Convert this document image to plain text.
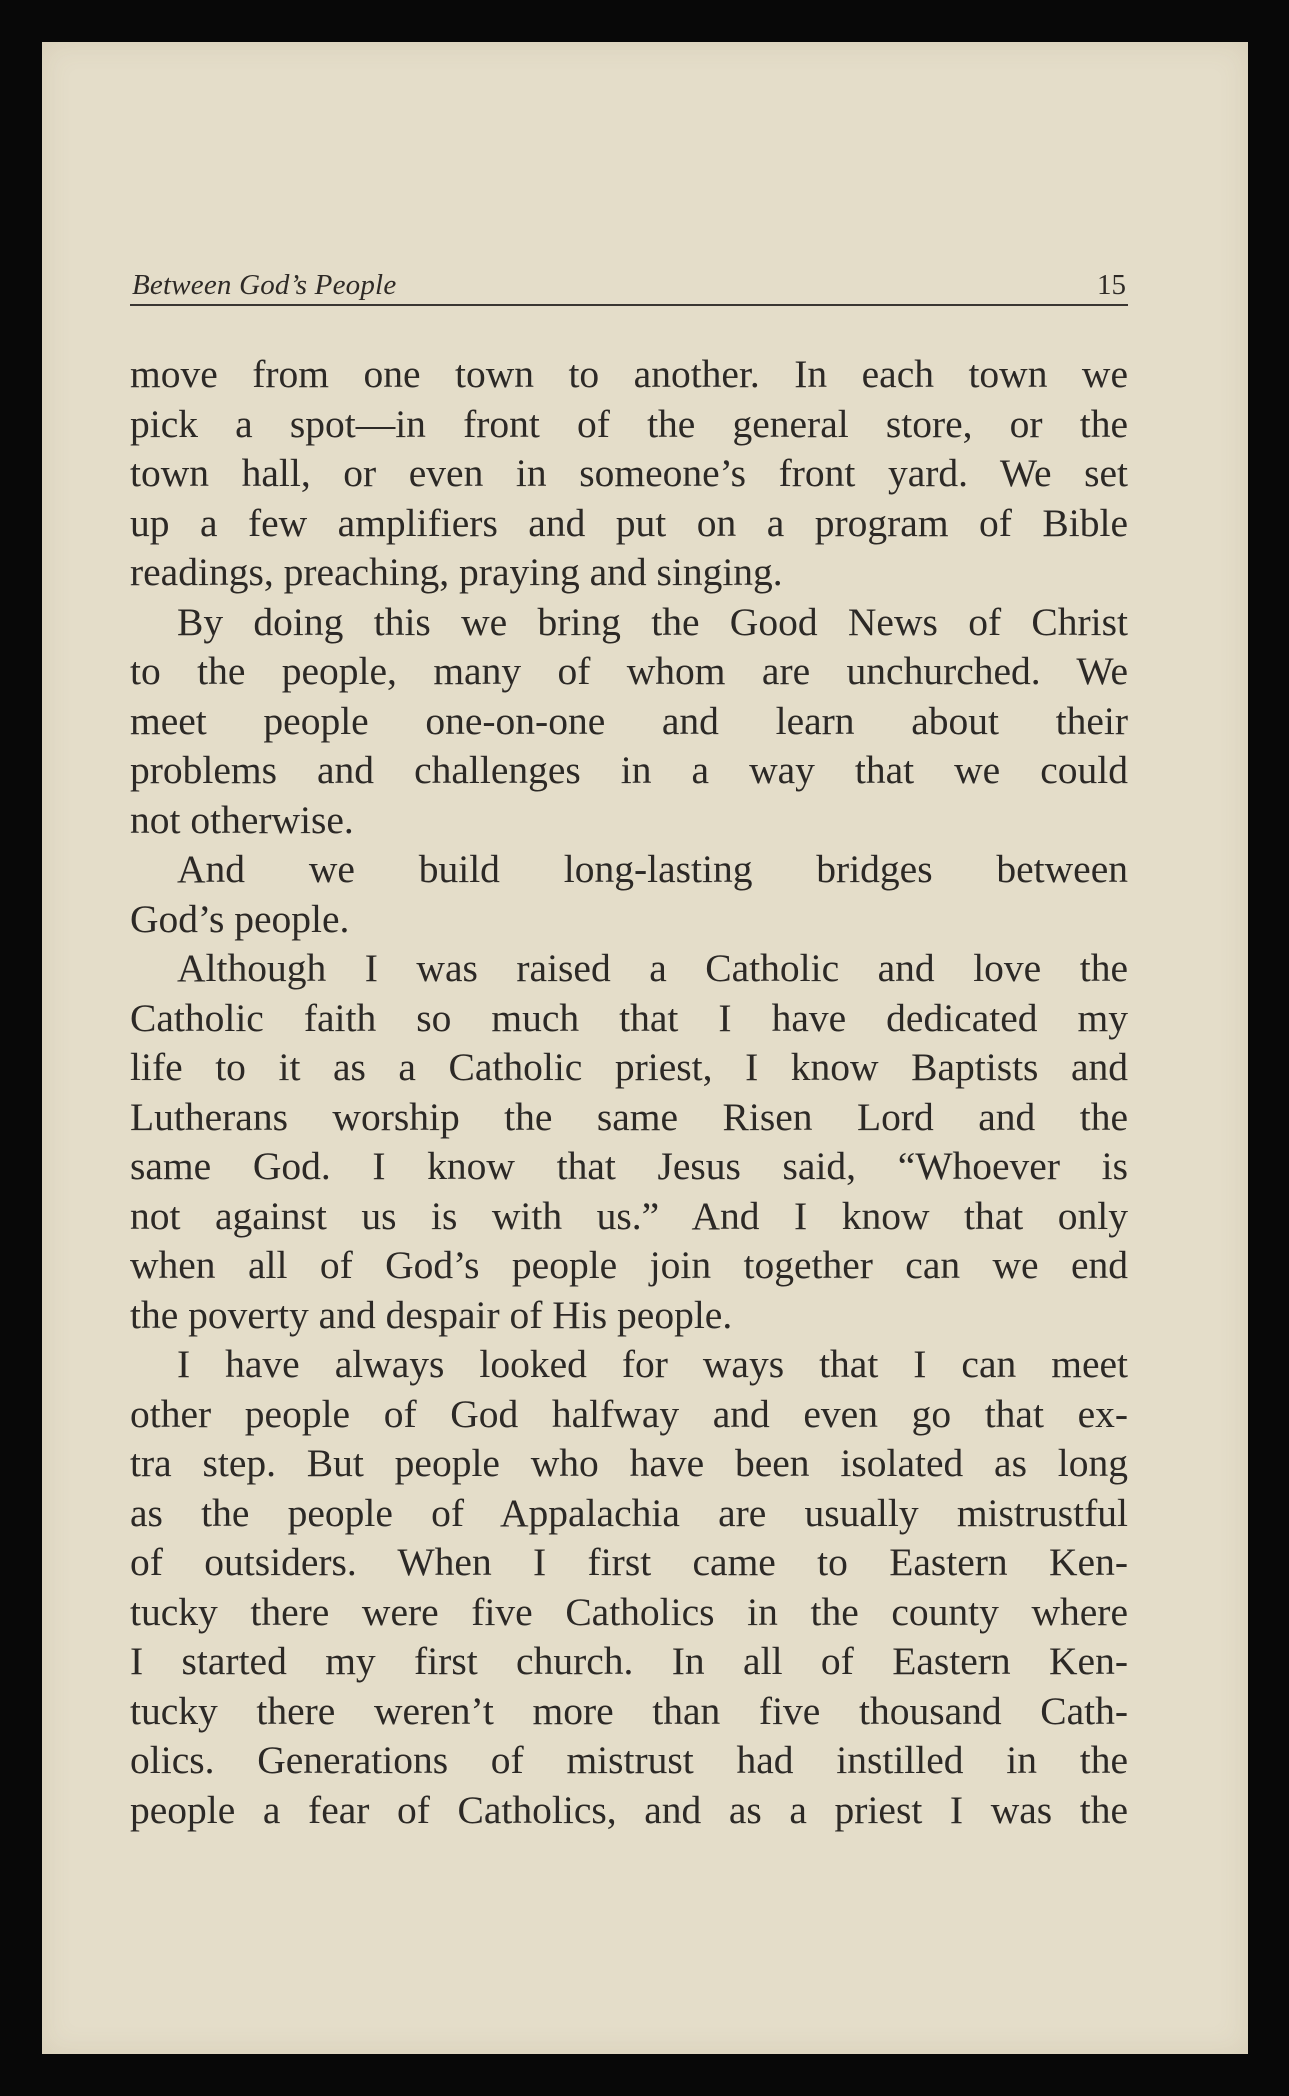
Between God’s People	15
move from one town to another. In each town we
pick a spot—in front of the general store, or the
town hall, or even in someone’s front yard. We set
up a few amplifiers and put on a program of Bible
readings, preaching, praying and singing.
By doing this we bring the Good News of Christ
to the people, many of whom are unchurched. We
meet people one-on-one and learn about their
problems and challenges in a way that we could
not otherwise.
And we build long-lasting bridges between
God’s people.
Although I was raised a Catholic and love the
Catholic faith so much that I have dedicated my
life to it as a Catholic priest, I know Baptists and
Lutherans worship the same Risen Lord and the
same God. I know that Jesus said, “Whoever is
not against us is with us.” And I know that only
when all of God’s people join together can we end
the poverty and despair of His people.
I have always looked for ways that I can meet
other people of God halfway and even go that ex-
tra step. But people who have been isolated as long
as the people of Appalachia are usually mistrustful
of outsiders. When I first came to Eastern Ken-
tucky there were five Catholics in the county where
I started my first church. In all of Eastern Ken-
tucky there weren’t more than five thousand Cath-
olics. Generations of mistrust had instilled in the
people a fear of Catholics, and as a priest I was the
